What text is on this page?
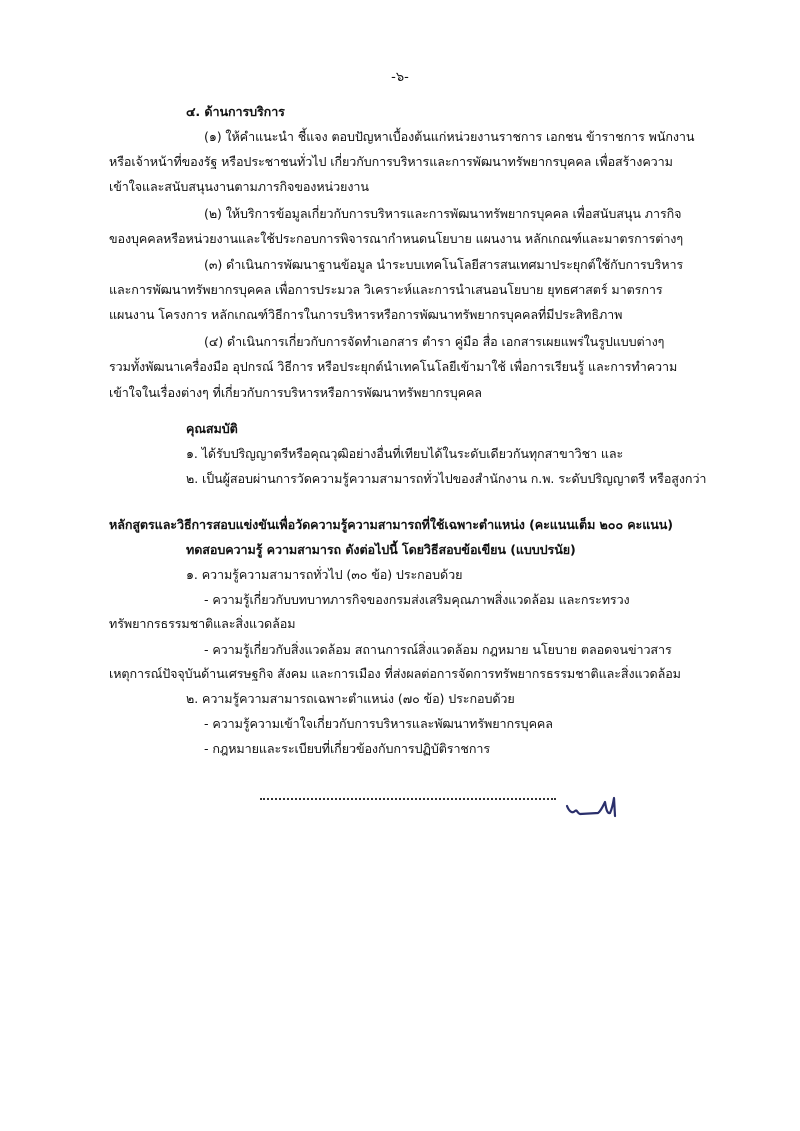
-๖-
๔. ด้านการบริการ
(๑) ให้คำแนะนำ ชี้แจง ตอบปัญหาเบื้องต้นแก่หน่วยงานราชการ เอกชน ข้าราชการ พนักงาน
หรือเจ้าหน้าที่ของรัฐ หรือประชาชนทั่วไป เกี่ยวกับการบริหารและการพัฒนาทรัพยากรบุคคล เพื่อสร้างความ
เข้าใจและสนับสนุนงานตามภารกิจของหน่วยงาน
(๒) ให้บริการข้อมูลเกี่ยวกับการบริหารและการพัฒนาทรัพยากรบุคคล เพื่อสนับสนุน ภารกิจ
ของบุคคลหรือหน่วยงานและใช้ประกอบการพิจารณากำหนดนโยบาย แผนงาน หลักเกณฑ์และมาตรการต่างๆ
(๓) ดำเนินการพัฒนาฐานข้อมูล นำระบบเทคโนโลยีสารสนเทศมาประยุกต์ใช้กับการบริหาร
และการพัฒนาทรัพยากรบุคคล เพื่อการประมวล วิเคราะห์และการนำเสนอนโยบาย ยุทธศาสตร์ มาตรการ
แผนงาน โครงการ หลักเกณฑ์วิธีการในการบริหารหรือการพัฒนาทรัพยากรบุคคลที่มีประสิทธิภาพ
(๔) ดำเนินการเกี่ยวกับการจัดทำเอกสาร ตำรา คู่มือ สื่อ เอกสารเผยแพร่ในรูปแบบต่างๆ
รวมทั้งพัฒนาเครื่องมือ อุปกรณ์ วิธีการ หรือประยุกต์นำเทคโนโลยีเข้ามาใช้ เพื่อการเรียนรู้ และการทำความ
เข้าใจในเรื่องต่างๆ ที่เกี่ยวกับการบริหารหรือการพัฒนาทรัพยากรบุคคล
คุณสมบัติ
๑. ได้รับปริญญาตรีหรือคุณวุฒิอย่างอื่นที่เทียบได้ในระดับเดียวกันทุกสาขาวิชา และ
๒. เป็นผู้สอบผ่านการวัดความรู้ความสามารถทั่วไปของสำนักงาน ก.พ. ระดับปริญญาตรี หรือสูงกว่า
หลักสูตรและวิธีการสอบแข่งขันเพื่อวัดความรู้ความสามารถที่ใช้เฉพาะตำแหน่ง (คะแนนเต็ม ๒๐๐ คะแนน)
ทดสอบความรู้ ความสามารถ ดังต่อไปนี้ โดยวิธีสอบข้อเขียน (แบบปรนัย)
๑. ความรู้ความสามารถทั่วไป (๓๐ ข้อ) ประกอบด้วย
- ความรู้เกี่ยวกับบทบาทภารกิจของกรมส่งเสริมคุณภาพสิ่งแวดล้อม และกระทรวง
ทรัพยากรธรรมชาติและสิ่งแวดล้อม
- ความรู้เกี่ยวกับสิ่งแวดล้อม สถานการณ์สิ่งแวดล้อม กฎหมาย นโยบาย ตลอดจนข่าวสาร
เหตุการณ์ปัจจุบันด้านเศรษฐกิจ สังคม และการเมือง ที่ส่งผลต่อการจัดการทรัพยากรธรรมชาติและสิ่งแวดล้อม
๒. ความรู้ความสามารถเฉพาะตำแหน่ง (๗๐ ข้อ) ประกอบด้วย
- ความรู้ความเข้าใจเกี่ยวกับการบริหารและพัฒนาทรัพยากรบุคคล
- กฎหมายและระเบียบที่เกี่ยวข้องกับการปฏิบัติราชการ
